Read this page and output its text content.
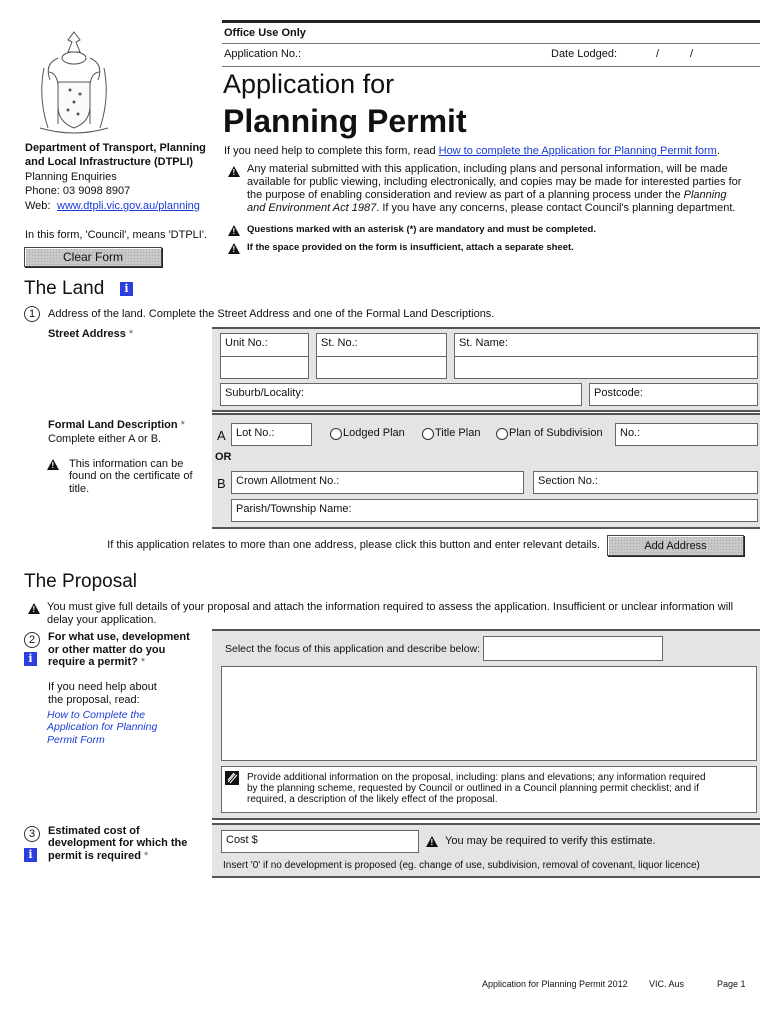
Office Use Only
Application No.:	Date Lodged:	/	/
Application for
Planning Permit
Department of Transport, Planning
and Local Infrastructure (DTPLI)
Planning Enquiries
Phone: 03 9098 8907
Web: www.dtpli.vic.gov.au/planning
In this form, 'Council', means 'DTPLI'.
Clear Form
If you need help to complete this form, read How to complete the Application for Planning Permit form.
!
Any material submitted with this application, including plans and personal information, will be made
available for public viewing, including electronically, and copies may be made for interested parties for
the purpose of enabling consideration and review as part of a planning process under the Planning
and Environment Act 1987. If you have any concerns, please contact Council's planning department.
!
Questions marked with an asterisk (*) are mandatory and must be completed.
!
If the space provided on the form is insufficient, attach a separate sheet.
The Land	i
1	Address of the land. Complete the Street Address and one of the Formal Land Descriptions.
Street Address *
Unit No.:	St. No.:	St. Name:
Suburb/Locality:	Postcode:
Formal Land Description *
Complete either A or B.
!
This information can be
found on the certificate of
title.
A Lot No.:	Lodged Plan	Title Plan	Plan of Subdivision	No.:
OR
B Crown Allotment No.:	Section No.:
Parish/Township Name:
If this application relates to more than one address, please click this button and enter relevant details.	Add Address
The Proposal
!
You must give full details of your proposal and attach the information required to assess the application. Insufficient or unclear information will
delay your application.
2
i
For what use, development
or other matter do you
require a permit? *
If you need help about
the proposal, read:
How to Complete the
Application for Planning
Permit Form
Select the focus of this application and describe below:
Provide additional information on the proposal, including: plans and elevations; any information required
by the planning scheme, requested by Council or outlined in a Council planning permit checklist; and if
required, a description of the likely effect of the proposal.
3
i
Estimated cost of
development for which the
permit is required *
Cost $ !	You may be required to verify this estimate.
Insert '0' if no development is proposed (eg. change of use, subdivision, removal of covenant, liquor licence)
Application for Planning Permit 2012 VIC. Aus	Page 1
